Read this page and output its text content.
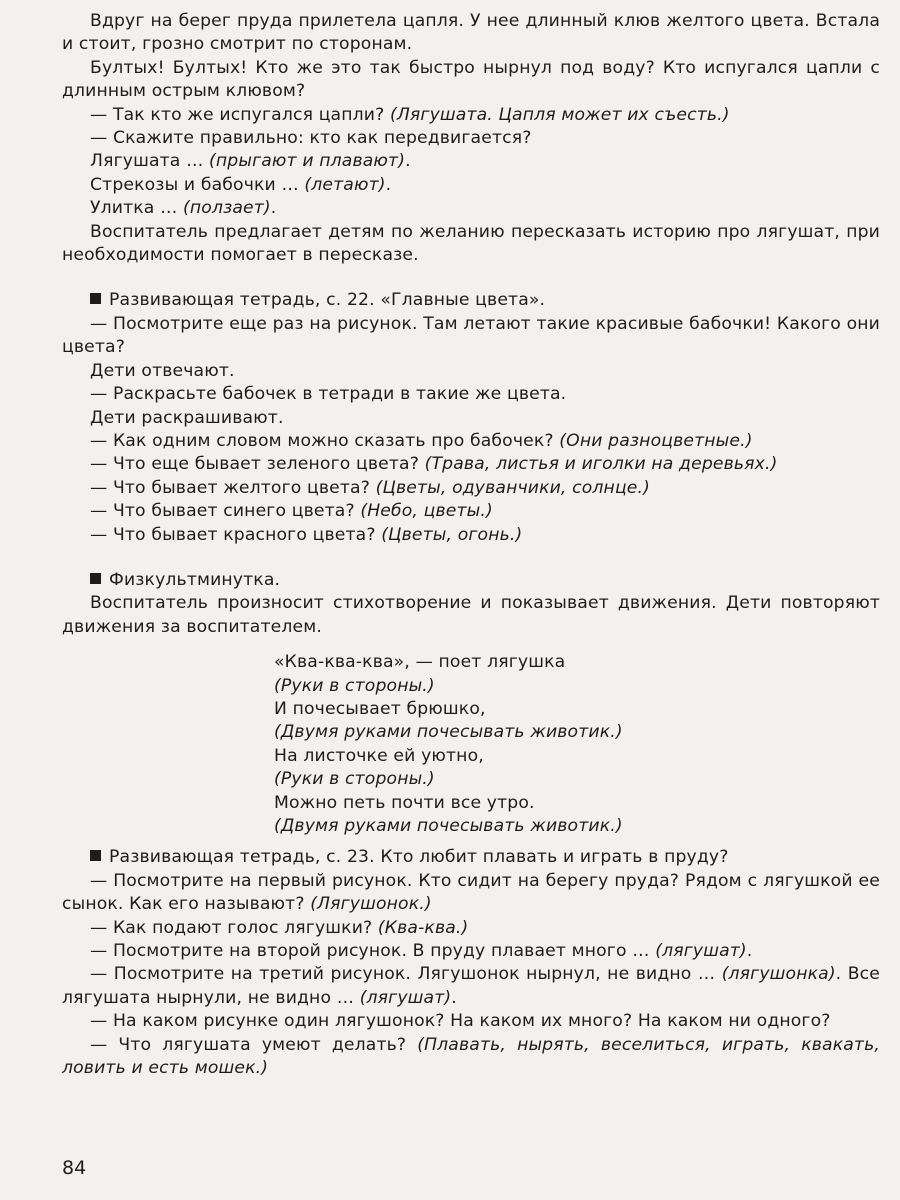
Вдруг на берег пруда прилетела цапля. У нее длинный клюв желтого цвета. Встала и стоит, грозно смотрит по сторонам.

Бултых! Бултых! Кто же это так быстро нырнул под воду? Кто испугался цапли с длинным острым клювом?

— Так кто же испугался цапли? (Лягушата. Цапля может их съесть.)

— Скажите правильно: кто как передвигается?

Лягушата … (прыгают и плавают).

Стрекозы и бабочки … (летают).

Улитка … (ползает).

Воспитатель предлагает детям по желанию пересказать историю про лягушат, при необходимости помогает в пересказе.

Развивающая тетрадь, с. 22. «Главные цвета».

— Посмотрите еще раз на рисунок. Там летают такие красивые бабочки! Какого они цвета?

Дети отвечают.

— Раскрасьте бабочек в тетради в такие же цвета.

Дети раскрашивают.

— Как одним словом можно сказать про бабочек? (Они разноцветные.)

— Что еще бывает зеленого цвета? (Трава, листья и иголки на деревьях.)

— Что бывает желтого цвета? (Цветы, одуванчики, солнце.)

— Что бывает синего цвета? (Небо, цветы.)

— Что бывает красного цвета? (Цветы, огонь.)

Физкультминутка.

Воспитатель произносит стихотворение и показывает движения. Дети повторяют движения за воспитателем.

«Ква-ква-ква», — поет лягушка

(Руки в стороны.)

И почесывает брюшко,

(Двумя руками почесывать животик.)

На листочке ей уютно,

(Руки в стороны.)

Можно петь почти все утро.

(Двумя руками почесывать животик.)

Развивающая тетрадь, с. 23. Кто любит плавать и играть в пруду?

— Посмотрите на первый рисунок. Кто сидит на берегу пруда? Рядом с лягушкой ее сынок. Как его называют? (Лягушонок.)

— Как подают голос лягушки? (Ква-ква.)

— Посмотрите на второй рисунок. В пруду плавает много … (лягушат).

— Посмотрите на третий рисунок. Лягушонок нырнул, не видно … (лягушонка). Все лягушата нырнули, не видно … (лягушат).

— На каком рисунке один лягушонок? На каком их много? На каком ни одного?

— Что лягушата умеют делать? (Плавать, нырять, веселиться, играть, квакать, ловить и есть мошек.)

84
